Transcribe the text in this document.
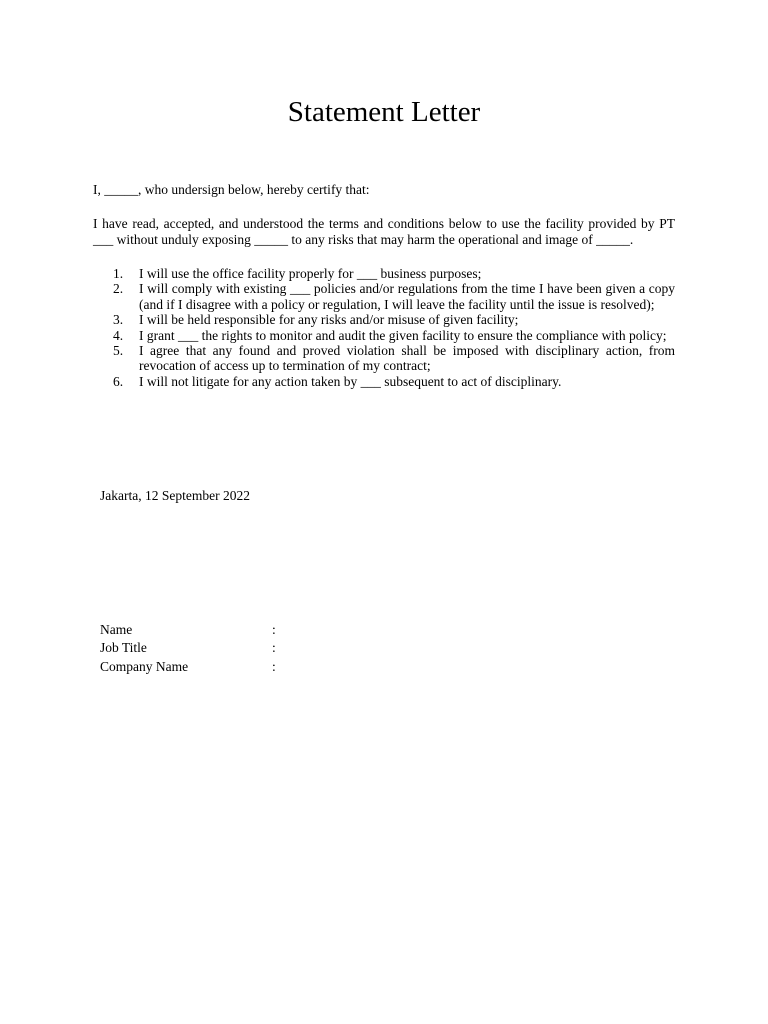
Statement Letter
I, _____, who undersign below, hereby certify that:
I have read, accepted, and understood the terms and conditions below to use the facility provided by PT ___ without unduly exposing _____ to any risks that may harm the operational and image of _____.
1.	I will use the office facility properly for ___ business purposes;
2.	I will comply with existing ___ policies and/or regulations from the time I have been given a copy (and if I disagree with a policy or regulation, I will leave the facility until the issue is resolved);
3.	I will be held responsible for any risks and/or misuse of given facility;
4.	I grant ___ the rights to monitor and audit the given facility to ensure the compliance with policy;
5.	I agree that any found and proved violation shall be imposed with disciplinary action, from revocation of access up to termination of my contract;
6.	I will not litigate for any action taken by ___ subsequent to act of disciplinary.
Jakarta, 12 September 2022
Name	:
Job Title	:
Company Name	:
